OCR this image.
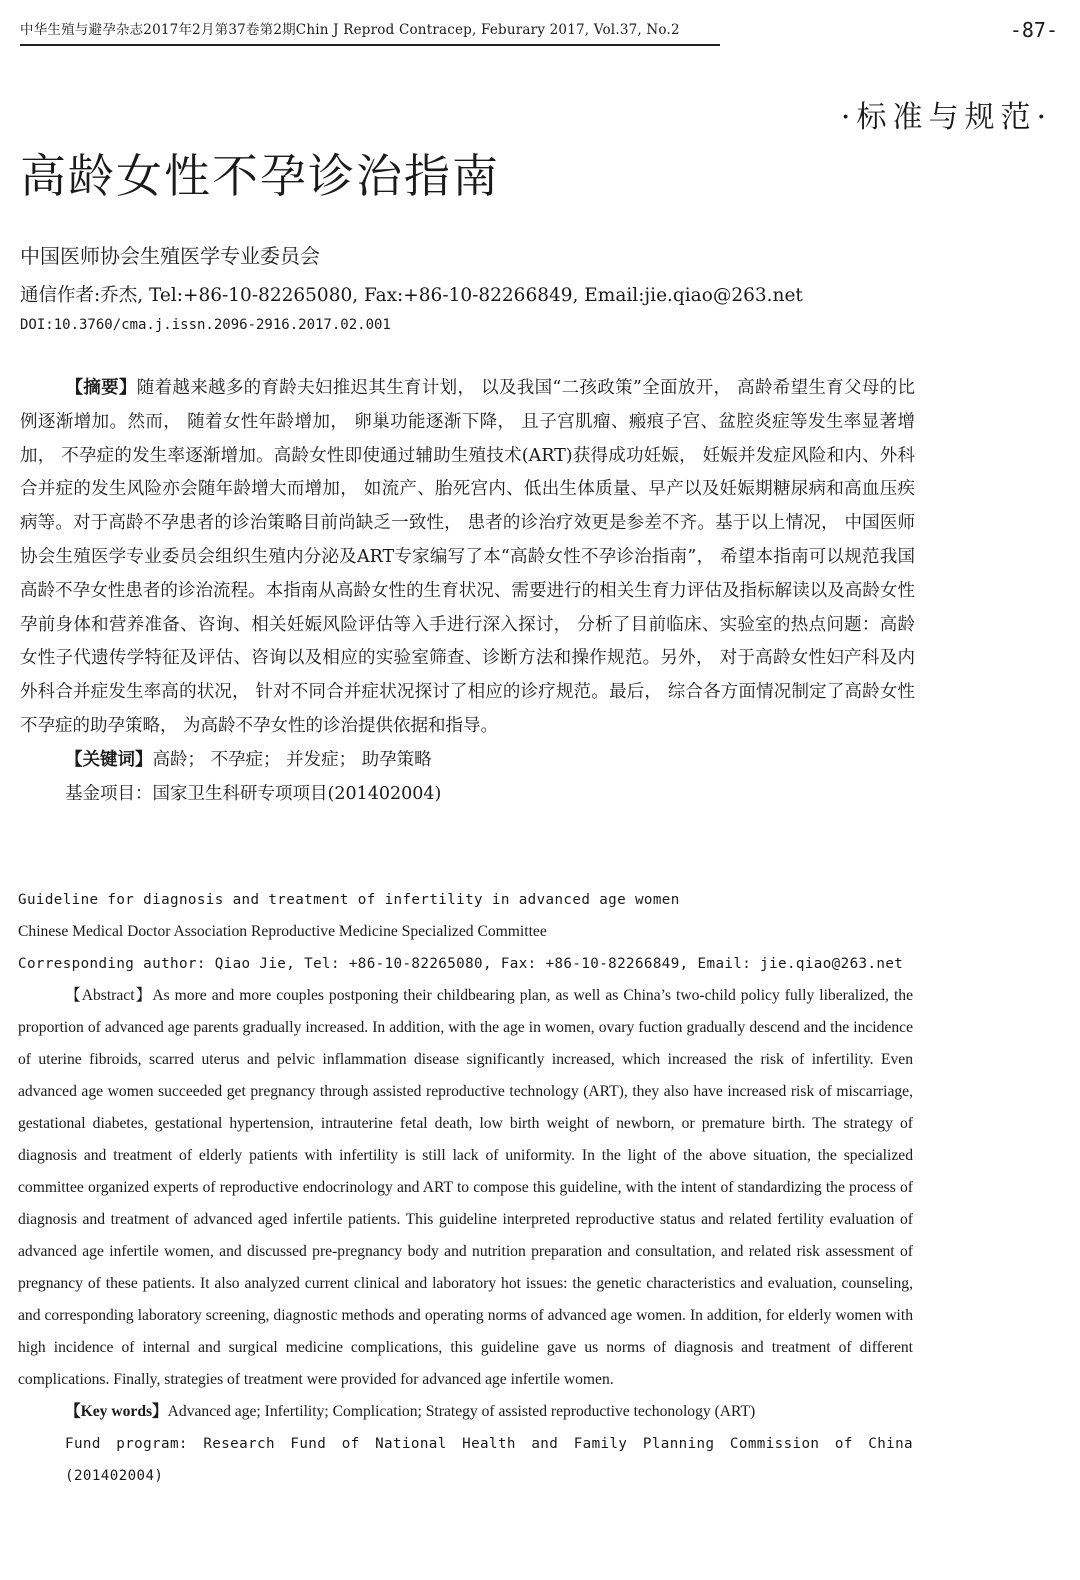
中华生殖与避孕杂志2017年2月第37卷第2期Chin J Reprod Contracep, Feburary 2017, Vol.37, No.2	-87-
·标准与规范·
高龄女性不孕诊治指南
中国医师协会生殖医学专业委员会
通信作者:乔杰, Tel:+86-10-82265080, Fax:+86-10-82266849, Email:jie.qiao@263.net
DOI:10.3760/cma.j.issn.2096-2916.2017.02.001

【摘要】随着越来越多的育龄夫妇推迟其生育计划， 以及我国“二孩政策”全面放开， 高龄希望生育父母的比例逐渐增加。然而， 随着女性年龄增加， 卵巢功能逐渐下降， 且子宫肌瘤、瘢痕子宫、盆腔炎症等发生率显著增加， 不孕症的发生率逐渐增加。高龄女性即使通过辅助生殖技术(ART)获得成功妊娠， 妊娠并发症风险和内、外科合并症的发生风险亦会随年龄增大而增加， 如流产、胎死宫内、低出生体质量、早产以及妊娠期糖尿病和高血压疾病等。对于高龄不孕患者的诊治策略目前尚缺乏一致性， 患者的诊治疗效更是参差不齐。基于以上情况， 中国医师协会生殖医学专业委员会组织生殖内分泌及ART专家编写了本“高龄女性不孕诊治指南”， 希望本指南可以规范我国高龄不孕女性患者的诊治流程。本指南从高龄女性的生育状况、需要进行的相关生育力评估及指标解读以及高龄女性孕前身体和营养准备、咨询、相关妊娠风险评估等入手进行深入探讨， 分析了目前临床、实验室的热点问题：高龄女性子代遗传学特征及评估、咨询以及相应的实验室筛查、诊断方法和操作规范。另外， 对于高龄女性妇产科及内外科合并症发生率高的状况， 针对不同合并症状况探讨了相应的诊疗规范。最后， 综合各方面情况制定了高龄女性不孕症的助孕策略， 为高龄不孕女性的诊治提供依据和指导。

【关键词】高龄； 不孕症； 并发症； 助孕策略

基金项目：国家卫生科研专项项目(201402004)

Guideline for diagnosis and treatment of infertility in advanced age women

Chinese Medical Doctor Association Reproductive Medicine Specialized Committee

Corresponding author: Qiao Jie, Tel: +86-10-82265080, Fax: +86-10-82266849, Email: jie.qiao@263.net

【Abstract】As more and more couples postponing their childbearing plan, as well as China’s two-child policy fully liberalized, the proportion of advanced age parents gradually increased. In addition, with the age in women, ovary fuction gradually descend and the incidence of uterine fibroids, scarred uterus and pelvic inflammation disease significantly increased, which increased the risk of infertility. Even advanced age women succeeded get pregnancy through assisted reproductive technology (ART), they also have increased risk of miscarriage, gestational diabetes, gestational hypertension, intrauterine fetal death, low birth weight of newborn, or premature birth. The strategy of diagnosis and treatment of elderly patients with infertility is still lack of uniformity. In the light of the above situation, the specialized committee organized experts of reproductive endocrinology and ART to compose this guideline, with the intent of standardizing the process of diagnosis and treatment of advanced aged infertile patients. This guideline interpreted reproductive status and related fertility evaluation of advanced age infertile women, and discussed pre-pregnancy body and nutrition preparation and consultation, and related risk assessment of pregnancy of these patients. It also analyzed current clinical and laboratory hot issues: the genetic characteristics and evaluation, counseling, and corresponding laboratory screening, diagnostic methods and operating norms of advanced age women. In addition, for elderly women with high incidence of internal and surgical medicine complications, this guideline gave us norms of diagnosis and treatment of different complications. Finally, strategies of treatment were provided for advanced age infertile women.

【Key words】Advanced age; Infertility; Complication; Strategy of assisted reproductive techonology (ART)

Fund program: Research Fund of National Health and Family Planning Commission of China (201402004)
